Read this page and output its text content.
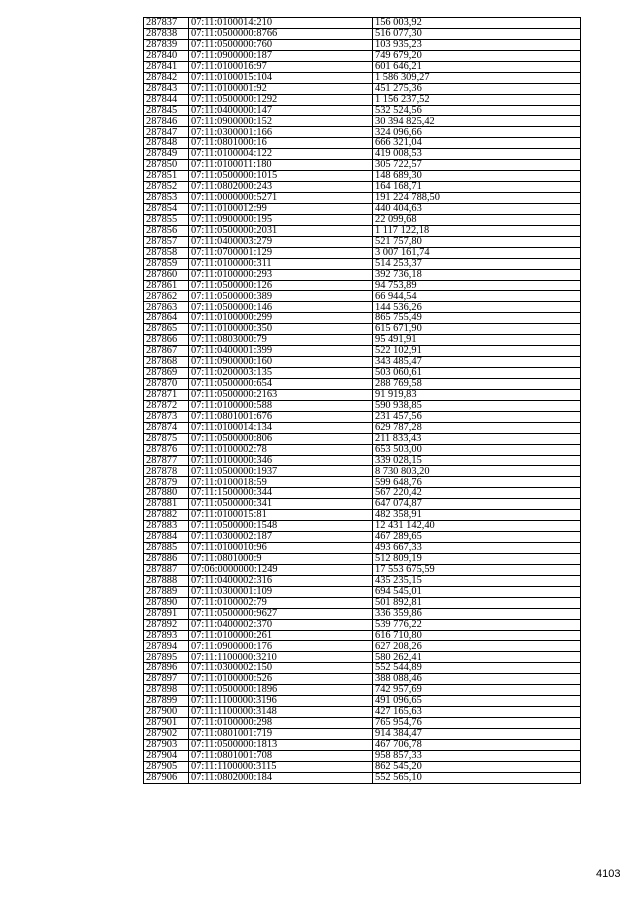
287837	07:11:0100014:210	156 003,92
287838	07:11:0500000:8766	516 077,30
287839	07:11:0500000:760	103 935,23
287840	07:11:0900000:187	749 679,20
287841	07:11:0100016:97	601 646,21
287842	07:11:0100015:104	1 586 309,27
287843	07:11:0100001:92	451 275,36
287844	07:11:0500000:1292	1 156 237,52
287845	07:11:0400000:147	532 524,56
287846	07:11:0900000:152	30 394 825,42
287847	07:11:0300001:166	324 096,66
287848	07:11:0801000:16	666 321,04
287849	07:11:0100004:122	419 008,53
287850	07:11:0100011:180	305 722,57
287851	07:11:0500000:1015	148 689,30
287852	07:11:0802000:243	164 168,71
287853	07:11:0000000:5271	191 224 788,50
287854	07:11:0100012:99	440 404,63
287855	07:11:0900000:195	22 099,68
287856	07:11:0500000:2031	1 117 122,18
287857	07:11:0400003:279	521 757,80
287858	07:11:0700001:129	3 007 161,74
287859	07:11:0100000:311	514 253,37
287860	07:11:0100000:293	392 736,18
287861	07:11:0500000:126	94 753,89
287862	07:11:0500000:389	66 944,54
287863	07:11:0500000:146	144 536,26
287864	07:11:0100000:299	865 755,49
287865	07:11:0100000:350	615 671,90
287866	07:11:0803000:79	95 491,91
287867	07:11:0400001:399	522 102,91
287868	07:11:0900000:160	343 485,47
287869	07:11:0200003:135	503 060,61
287870	07:11:0500000:654	288 769,58
287871	07:11:0500000:2163	91 919,83
287872	07:11:0100000:588	590 938,85
287873	07:11:0801001:676	231 457,56
287874	07:11:0100014:134	629 787,28
287875	07:11:0500000:806	211 833,43
287876	07:11:0100002:78	653 503,00
287877	07:11:0100000:346	339 028,15
287878	07:11:0500000:1937	8 730 803,20
287879	07:11:0100018:59	599 648,76
287880	07:11:1500000:344	567 220,42
287881	07:11:0500000:341	647 074,87
287882	07:11:0100015:81	482 358,91
287883	07:11:0500000:1548	12 431 142,40
287884	07:11:0300002:187	467 289,65
287885	07:11:0100010:96	493 667,33
287886	07:11:0801000:9	512 809,19
287887	07:06:0000000:1249	17 553 675,59
287888	07:11:0400002:316	435 235,15
287889	07:11:0300001:109	694 545,01
287890	07:11:0100002:79	501 892,81
287891	07:11:0500000:9627	336 359,86
287892	07:11:0400002:370	539 776,22
287893	07:11:0100000:261	616 710,80
287894	07:11:0900000:176	627 208,26
287895	07:11:1100000:3210	580 262,41
287896	07:11:0300002:150	552 544,89
287897	07:11:0100000:526	388 088,46
287898	07:11:0500000:1896	742 957,69
287899	07:11:1100000:3196	491 096,65
287900	07:11:1100000:3148	427 165,63
287901	07:11:0100000:298	765 954,76
287902	07:11:0801001:719	914 384,47
287903	07:11:0500000:1813	467 706,78
287904	07:11:0801001:708	958 857,33
287905	07:11:1100000:3115	862 545,20
287906	07:11:0802000:184	552 565,10
4103
